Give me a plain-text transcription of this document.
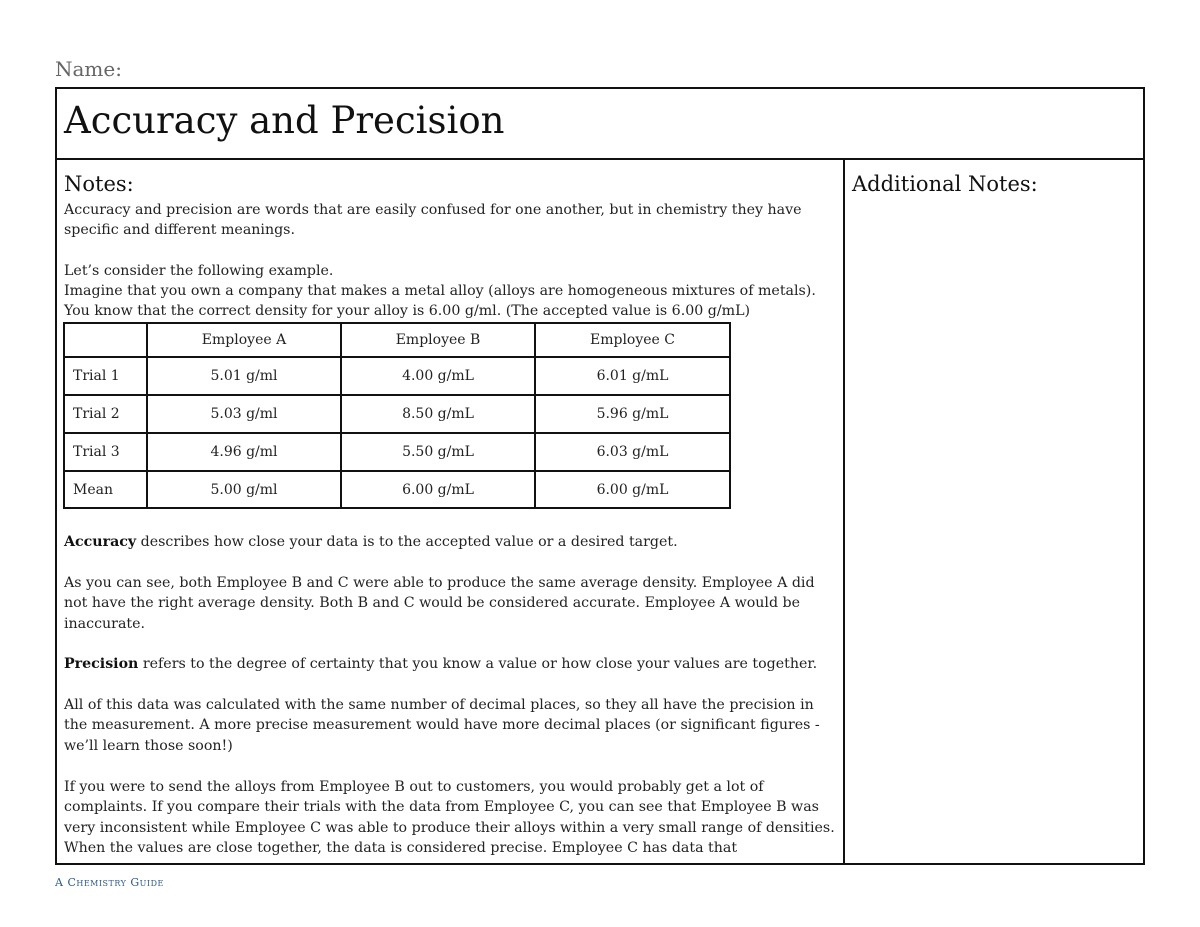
Name:
Accuracy and Precision
Notes:
Accuracy and precision are words that are easily confused for one another, but in chemistry they have specific and different meanings.
Let’s consider the following example.
Imagine that you own a company that makes a metal alloy (alloys are homogeneous mixtures of metals).
You know that the correct density for your alloy is 6.00 g/ml. (The accepted value is 6.00 g/mL)
	Employee A	Employee B	Employee C
Trial 1	5.01 g/ml	4.00 g/mL	6.01 g/mL
Trial 2	5.03 g/ml	8.50 g/mL	5.96 g/mL
Trial 3	4.96 g/ml	5.50 g/mL	6.03 g/mL
Mean	5.00 g/ml	6.00 g/mL	6.00 g/mL
Accuracy describes how close your data is to the accepted value or a desired target.
As you can see, both Employee B and C were able to produce the same average density. Employee A did not have the right average density. Both B and C would be considered accurate. Employee A would be inaccurate.
Precision refers to the degree of certainty that you know a value or how close your values are together.
All of this data was calculated with the same number of decimal places, so they all have the precision in the measurement. A more precise measurement would have more decimal places (or significant figures - we’ll learn those soon!)
If you were to send the alloys from Employee B out to customers, you would probably get a lot of complaints. If you compare their trials with the data from Employee C, you can see that Employee B was very inconsistent while Employee C was able to produce their alloys within a very small range of densities. When the values are close together, the data is considered precise. Employee C has data that
Additional Notes:
A Chemistry Guide
